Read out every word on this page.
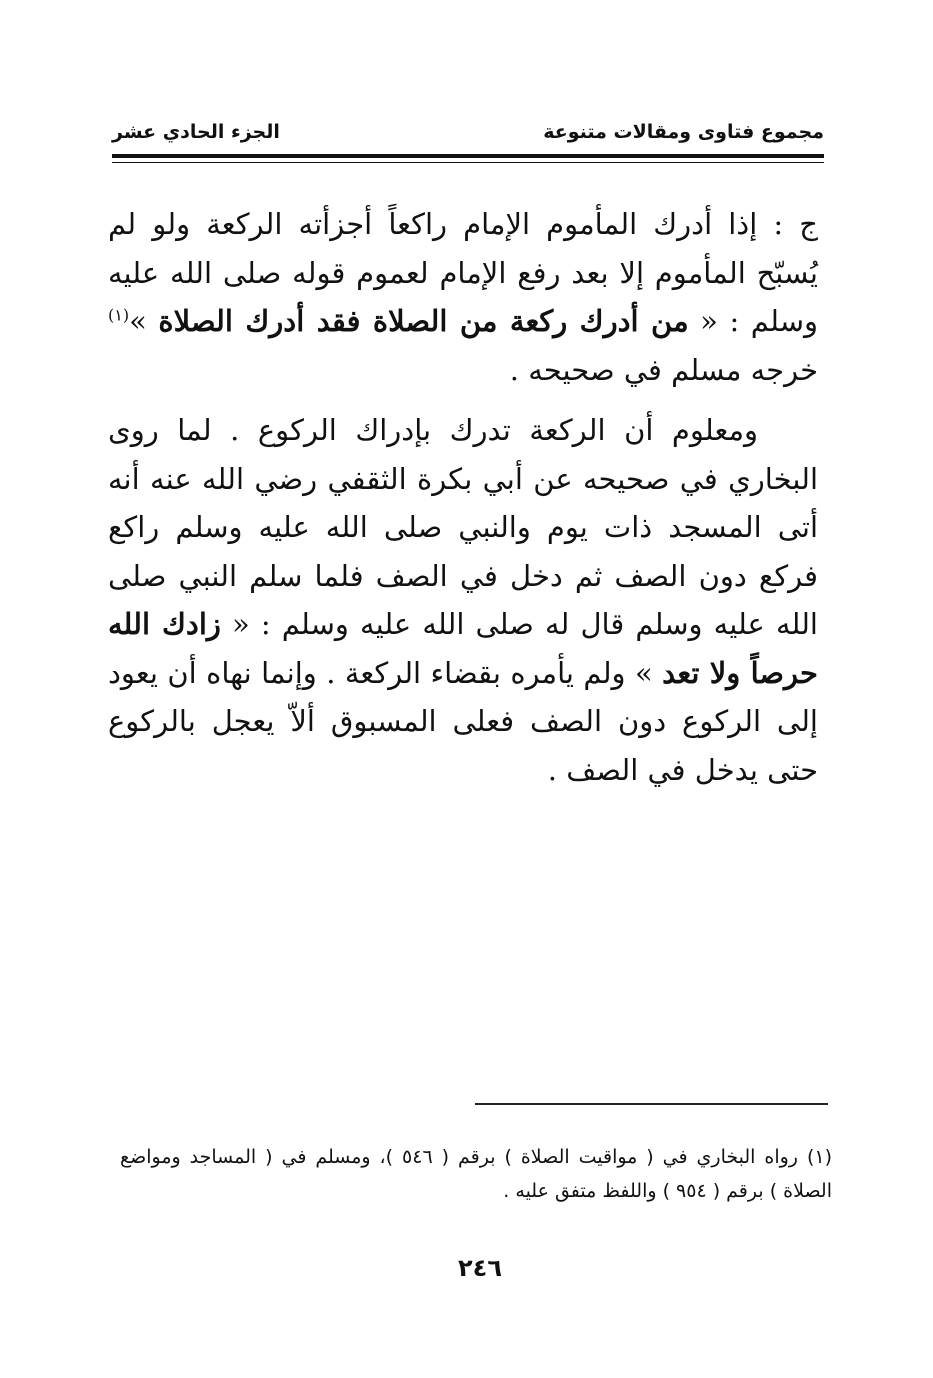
مجموع فتاوى ومقالات متنوعة
الجزء الحادي عشر

ج : إذا أدرك المأموم الإمام راكعاً أجزأته الركعة ولو لم يُسبّح المأموم إلا بعد رفع الإمام لعموم قوله صلى الله عليه وسلم : « من أدرك ركعة من الصلاة فقد أدرك الصلاة »$^{(١)}$ خرجه مسلم في صحيحه .

ومعلوم أن الركعة تدرك بإدراك الركوع . لما روى البخاري في صحيحه عن أبي بكرة الثقفي رضي الله عنه أنه أتى المسجد ذات يوم والنبي صلى الله عليه وسلم راكع فركع دون الصف ثم دخل في الصف فلما سلم النبي صلى الله عليه وسلم قال له صلى الله عليه وسلم : « زادك الله حرصاً ولا تعد » ولم يأمره بقضاء الركعة . وإنما نهاه أن يعود إلى الركوع دون الصف فعلى المسبوق ألاّ يعجل بالركوع حتى يدخل في الصف .

(١) رواه البخاري في ( مواقيت الصلاة ) برقم ( ٥٤٦ )، ومسلم في ( المساجد ومواضع الصلاة ) برقم ( ٩٥٤ ) واللفظ متفق عليه .

٢٤٦
